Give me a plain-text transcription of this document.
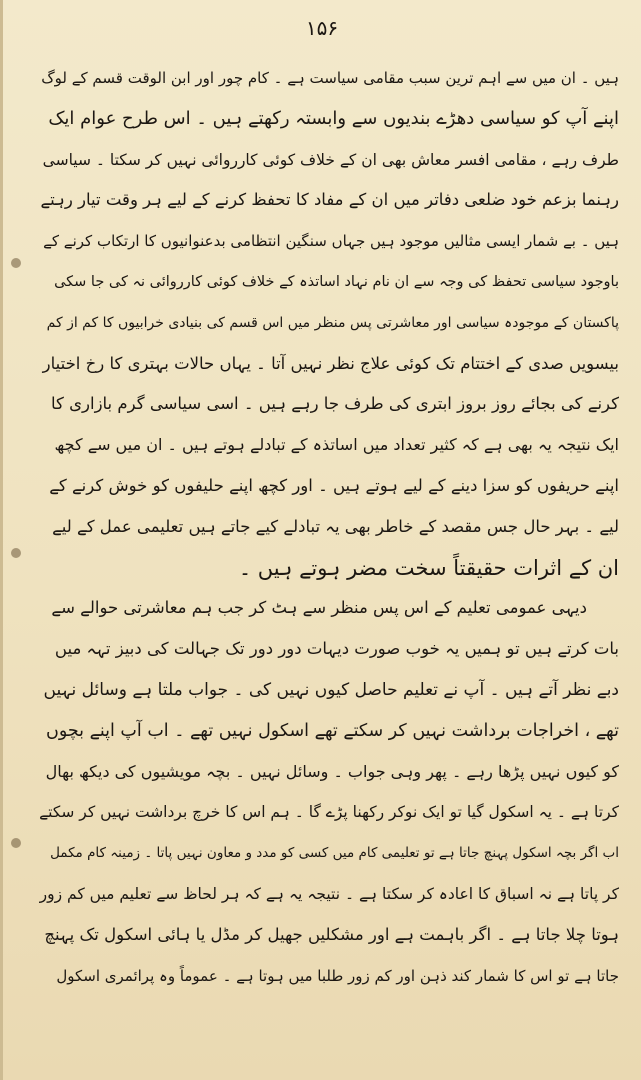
۱۵۶
ہیں ۔ ان میں سے اہم ترین سبب مقامی سیاست ہے ۔ کام چور اور ابن الوقت قسم کے لوگ
اپنے آپ کو سیاسی دھڑے بندیوں سے وابستہ رکھتے ہیں ۔ اس طرح عوام ایک
طرف رہے ، مقامی افسر معاش بھی ان کے خلاف کوئی کارروائی نہیں کر سکتا ۔ سیاسی
رہنما بزعم خود ضلعی دفاتر میں ان کے مفاد کا تحفظ کرنے کے لیے ہر وقت تیار رہتے
ہیں ۔ بے شمار ایسی مثالیں موجود ہیں جہاں سنگین انتظامی بدعنوانیوں کا ارتکاب کرنے کے
باوجود سیاسی تحفظ کی وجہ سے ان نام نہاد اساتذہ کے خلاف کوئی کارروائی نہ کی جا سکی
پاکستان کے موجودہ سیاسی اور معاشرتی پس منظر میں اس قسم کی بنیادی خرابیوں کا کم از کم
بیسویں صدی کے اختتام تک کوئی علاج نظر نہیں آتا ۔ یہاں حالات بہتری کا رخ اختیار
کرنے کی بجائے روز بروز ابتری کی طرف جا رہے ہیں ۔ اسی سیاسی گرم بازاری کا
ایک نتیجہ یہ بھی ہے کہ کثیر تعداد میں اساتذہ کے تبادلے ہوتے ہیں ۔ ان میں سے کچھ
اپنے حریفوں کو سزا دینے کے لیے ہوتے ہیں ۔ اور کچھ اپنے حلیفوں کو خوش کرنے کے
لیے ۔ بہر حال جس مقصد کے خاطر بھی یہ تبادلے کیے جاتے ہیں تعلیمی عمل کے لیے
ان کے اثرات حقیقتاً سخت مضر ہوتے ہیں ۔
دیہی عمومی تعلیم کے اس پس منظر سے ہٹ کر جب ہم معاشرتی حوالے سے
بات کرتے ہیں تو ہمیں یہ خوب صورت دیہات دور دور تک جہالت کی دبیز تہہ میں
دبے نظر آتے ہیں ۔ آپ نے تعلیم حاصل کیوں نہیں کی ۔ جواب ملتا ہے وسائل نہیں
تھے ، اخراجات برداشت نہیں کر سکتے تھے اسکول نہیں تھے ۔ اب آپ اپنے بچوں
کو کیوں نہیں پڑھا رہے ۔ پھر وہی جواب ۔ وسائل نہیں ۔ بچہ مویشیوں کی دیکھ بھال
کرتا ہے ۔ یہ اسکول گیا تو ایک نوکر رکھنا پڑے گا ۔ ہم اس کا خرچ برداشت نہیں کر سکتے
اب اگر بچہ اسکول پہنچ جاتا ہے تو تعلیمی کام میں کسی کو مدد و معاون نہیں پاتا ۔ زمینہ کام مکمل
کر پاتا ہے نہ اسباق کا اعادہ کر سکتا ہے ۔ نتیجہ یہ ہے کہ ہر لحاظ سے تعلیم میں کم زور
ہوتا چلا جاتا ہے ۔ اگر باہمت ہے اور مشکلیں جھیل کر مڈل یا ہائی اسکول تک پہنچ
جاتا ہے تو اس کا شمار کند ذہن اور کم زور طلبا میں ہوتا ہے ۔ عموماً وہ پرائمری اسکول
